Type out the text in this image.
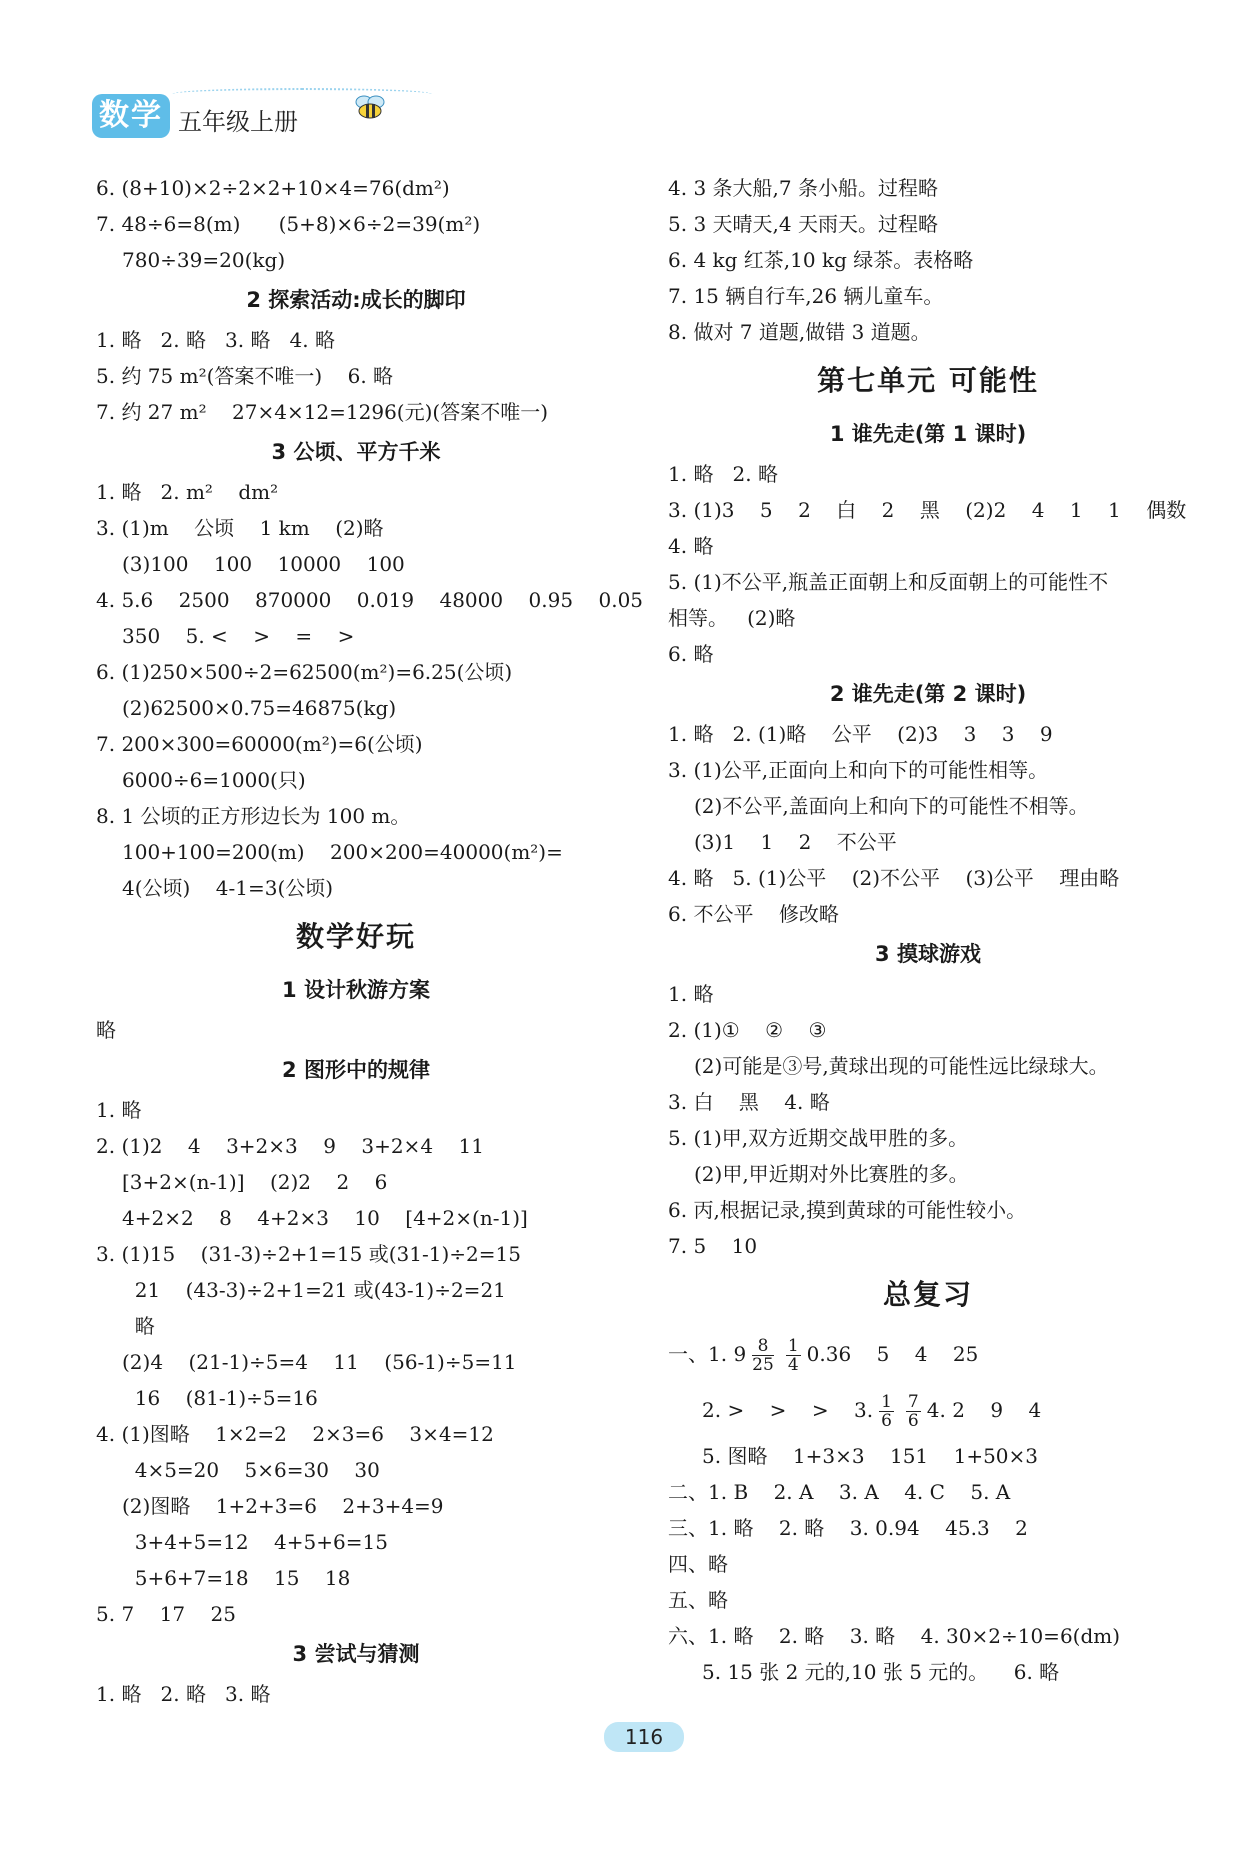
数学 五年级上册
6. (8+10)×2÷2×2+10×4=76(dm²)
7. 48÷6=8(m)      (5+8)×6÷2=39(m²)
780÷39=20(kg)
2 探索活动:成长的脚印
1. 略   2. 略   3. 略   4. 略
5. 约 75 m²(答案不唯一)    6. 略
7. 约 27 m²    27×4×12=1296(元)(答案不唯一)
3 公顷、平方千米
1. 略   2. m²    dm²
3. (1)m    公顷    1 km    (2)略
(3)100    100    10000    100
4. 5.6    2500    870000    0.019    48000    0.95    0.05
350    5. <    >    =    >
6. (1)250×500÷2=62500(m²)=6.25(公顷)
(2)62500×0.75=46875(kg)
7. 200×300=60000(m²)=6(公顷)
6000÷6=1000(只)
8. 1 公顷的正方形边长为 100 m。
100+100=200(m)    200×200=40000(m²)=
4(公顷)    4-1=3(公顷)
数学好玩
1 设计秋游方案
略
2 图形中的规律
1. 略
2. (1)2    4    3+2×3    9    3+2×4    11
[3+2×(n-1)]    (2)2    2    6
4+2×2    8    4+2×3    10    [4+2×(n-1)]
3. (1)15    (31-3)÷2+1=15 或(31-1)÷2=15
21    (43-3)÷2+1=21 或(43-1)÷2=21
略
(2)4    (21-1)÷5=4    11    (56-1)÷5=11
16    (81-1)÷5=16
4. (1)图略    1×2=2    2×3=6    3×4=12
4×5=20    5×6=30    30
(2)图略    1+2+3=6    2+3+4=9
3+4+5=12    4+5+6=15
5+6+7=18    15    18
5. 7    17    25
3 尝试与猜测
1. 略   2. 略   3. 略
4. 3 条大船,7 条小船。过程略
5. 3 天晴天,4 天雨天。过程略
6. 4 kg 红茶,10 kg 绿茶。表格略
7. 15 辆自行车,26 辆儿童车。
8. 做对 7 道题,做错 3 道题。
第七单元 可能性
1 谁先走(第 1 课时)
1. 略   2. 略
3. (1)3    5    2    白    2    黑    (2)2    4    1    1    偶数
4. 略
5. (1)不公平,瓶盖正面朝上和反面朝上的可能性不
相等。   (2)略
6. 略
2 谁先走(第 2 课时)
1. 略   2. (1)略    公平    (2)3    3    3    9
3. (1)公平,正面向上和向下的可能性相等。
(2)不公平,盖面向上和向下的可能性不相等。
(3)1    1    2    不公平
4. 略   5. (1)公平    (2)不公平    (3)公平    理由略
6. 不公平    修改略
3 摸球游戏
1. 略
2. (1)①    ②    ③
(2)可能是③号,黄球出现的可能性远比绿球大。
3. 白    黑    4. 略
5. (1)甲,双方近期交战甲胜的多。
(2)甲,甲近期对外比赛胜的多。
6. 丙,根据记录,摸到黄球的可能性较小。
7. 5    10
总复习
一、1. $9 \frac{8}{25} \frac{1}{4} 0.36$    5    4    25
2. >    >    >    3. $\frac{1}{6} \frac{7}{6} 4$. 2    9    4
5. 图略    1+3×3    151    1+50×3
二、1. B    2. A    3. A    4. C    5. A
三、1. 略    2. 略    3. 0.94    45.3    2
四、略
五、略
六、1. 略    2. 略    3. 略    4. 30×2÷10=6(dm)
5. 15 张 2 元的,10 张 5 元的。    6. 略
116
